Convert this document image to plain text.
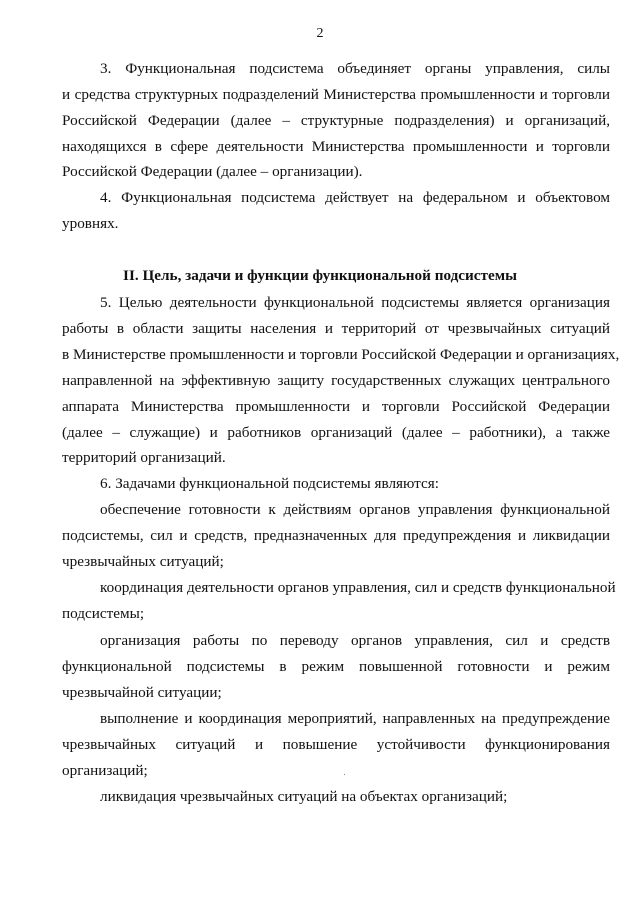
2
3. Функциональная подсистема объединяет органы управления, силы
и средства структурных подразделений Министерства промышленности и торговли
Российской Федерации (далее – структурные подразделения) и организаций,
находящихся в сфере деятельности Министерства промышленности и торговли
Российской Федерации (далее – организации).
4. Функциональная подсистема действует на федеральном и объектовом
уровнях.
II. Цель, задачи и функции функциональной подсистемы
5. Целью деятельности функциональной подсистемы является организация
работы в области защиты населения и территорий от чрезвычайных ситуаций
в Министерстве промышленности и торговли Российской Федерации и организациях,
направленной на эффективную защиту государственных служащих центрального
аппарата Министерства промышленности и торговли Российской Федерации
(далее – служащие) и работников организаций (далее – работники), а также
территорий организаций.
6. Задачами функциональной подсистемы являются:
обеспечение готовности к действиям органов управления функциональной
подсистемы, сил и средств, предназначенных для предупреждения и ликвидации
чрезвычайных ситуаций;
координация деятельности органов управления, сил и средств функциональной
подсистемы;
организация работы по переводу органов управления, сил и средств
функциональной подсистемы в режим повышенной готовности и режим
чрезвычайной ситуации;
выполнение и координация мероприятий, направленных на предупреждение
чрезвычайных ситуаций и повышение устойчивости функционирования
организаций;
ликвидация чрезвычайных ситуаций на объектах организаций;
